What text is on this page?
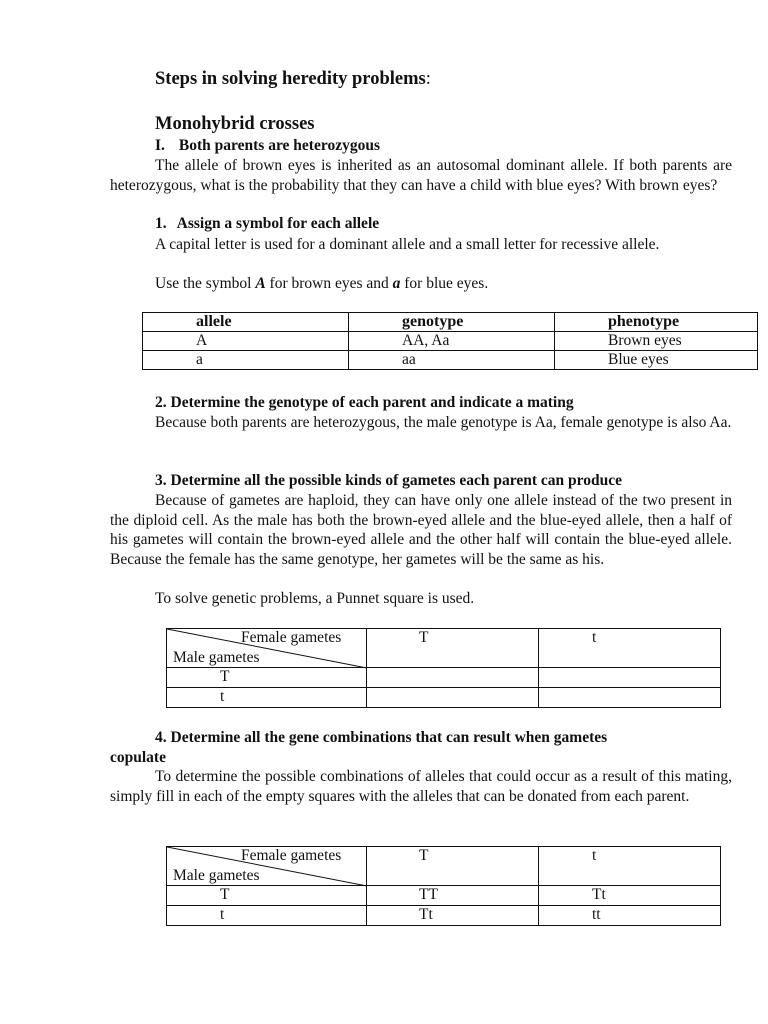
Steps in solving heredity problems:
Monohybrid crosses
I. Both parents are heterozygous
The allele of brown eyes is inherited as an autosomal dominant allele. If both parents are heterozygous, what is the probability that they can have a child with blue eyes? With brown eyes?
1. Assign a symbol for each allele
A capital letter is used for a dominant allele and a small letter for recessive allele.
Use the symbol A for brown eyes and a for blue eyes.
allele	genotype	phenotype
A	AA, Aa	Brown eyes
a	aa	Blue eyes
2. Determine the genotype of each parent and indicate a mating
Because both parents are heterozygous, the male genotype is Aa, female genotype is also Aa.
3. Determine all the possible kinds of gametes each parent can produce
Because of gametes are haploid, they can have only one allele instead of the two present in the diploid cell. As the male has both the brown-eyed allele and the blue-eyed allele, then a half of his gametes will contain the brown-eyed allele and the other half will contain the blue-eyed allele. Because the female has the same genotype, her gametes will be the same as his.
To solve genetic problems, a Punnet square is used.
Female gametes
Male gametes	T	t
T		
t		
4. Determine all the gene combinations that can result when gametes
copulate
To determine the possible combinations of alleles that could occur as a result of this mating, simply fill in each of the empty squares with the alleles that can be donated from each parent.
Female gametes
Male gametes	T	t
T	TT	Tt
t	Tt	tt
